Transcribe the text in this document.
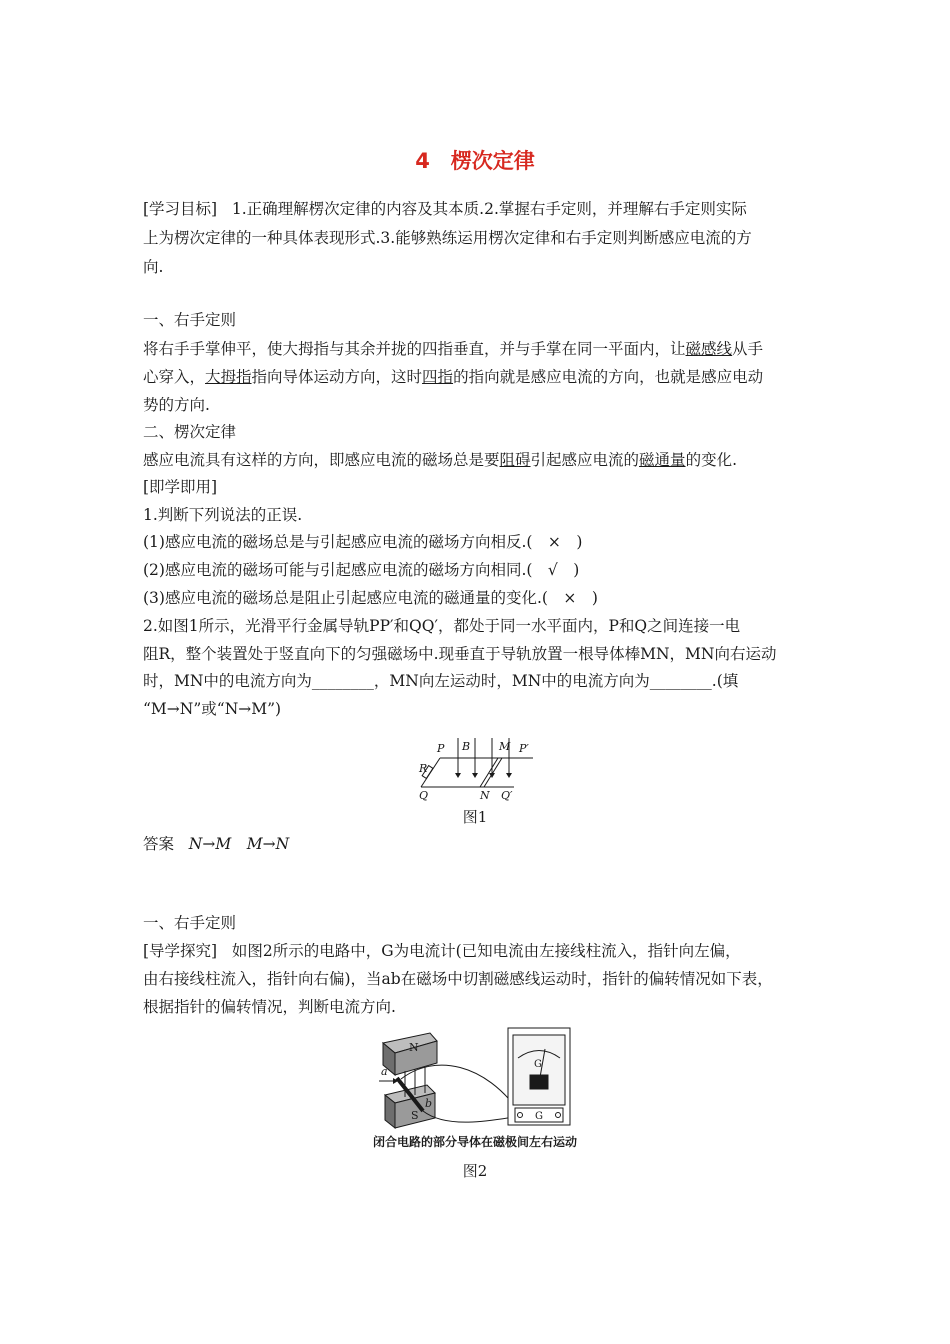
4　楞次定律
[学习目标] 1.正确理解楞次定律的内容及其本质.2.掌握右手定则，并理解右手定则实际
上为楞次定律的一种具体表现形式.3.能够熟练运用楞次定律和右手定则判断感应电流的方
向.
一、右手定则
将右手手掌伸平，使大拇指与其余并拢的四指垂直，并与手掌在同一平面内，让磁感线从手
心穿入，大拇指指向导体运动方向，这时四指的指向就是感应电流的方向，也就是感应电动
势的方向.
二、楞次定律
感应电流具有这样的方向，即感应电流的磁场总是要阻碍引起感应电流的磁通量的变化.
[即学即用]
1.判断下列说法的正误.
(1)感应电流的磁场总是与引起感应电流的磁场方向相反.(　×　)
(2)感应电流的磁场可能与引起感应电流的磁场方向相同.(　√　)
(3)感应电流的磁场总是阻止引起感应电流的磁通量的变化.(　×　)
2.如图1所示，光滑平行金属导轨PP′和QQ′，都处于同一水平面内，P和Q之间连接一电
阻R，整个装置处于竖直向下的匀强磁场中.现垂直于导轨放置一根导体棒MN，MN向右运动
时，MN中的电流方向为________，MN向左运动时，MN中的电流方向为________.(填
“M→N”或“N→M”)
P B	M P′
R
Q	N Q′
图1
答案 N→M　M→N
一、右手定则
[导学探究] 如图2所示的电路中，G为电流计(已知电流由左接线柱流入，指针向左偏，
由右接线柱流入，指针向右偏)，当ab在磁场中切割磁感线运动时，指针的偏转情况如下表，
根据指针的偏转情况，判断电流方向.
N
S
a
b
G
G
闭合电路的部分导体在磁极间左右运动
图2
